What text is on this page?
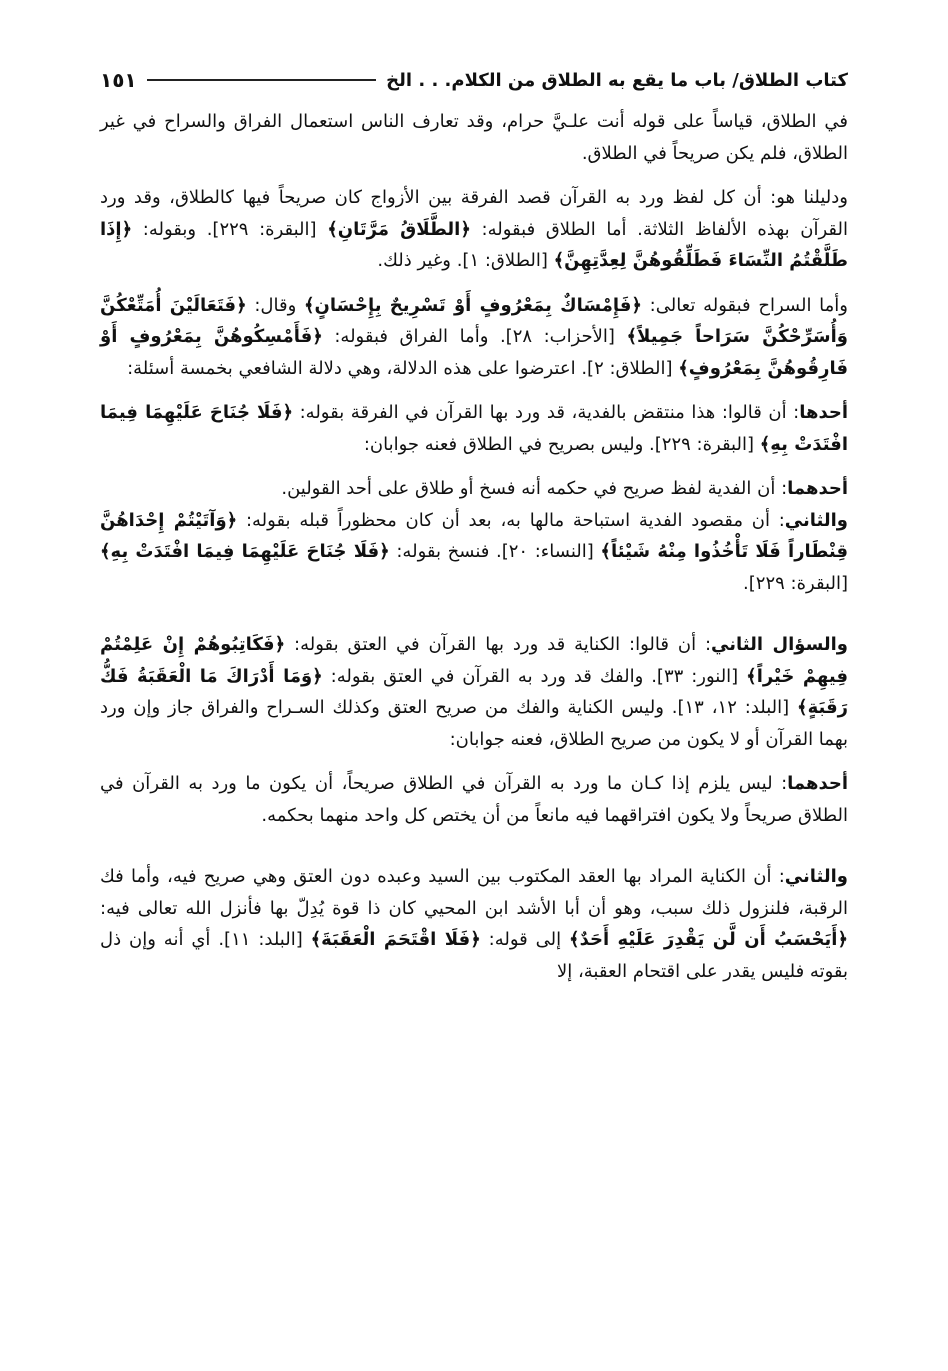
كتاب الطلاق/ باب ما يقع به الطلاق من الكلام. . . الخ
١٥١

في الطلاق، قياساً على قوله أنت علـيَّ حرام، وقد تعارف الناس استعمال الفراق والسراح في غير الطلاق، فلم يكن صريحاً في الطلاق.

ودليلنا هو: أن كل لفظ ورد به القرآن قصد الفرقة بين الأزواج كان صريحاً فيها كالطلاق، وقد ورد القرآن بهذه الألفاظ الثلاثة. أما الطلاق فبقوله: ﴿الطَّلَاقُ مَرَّتَانِ﴾ [البقرة: ٢٢٩]. وبقوله: ﴿إِذَا طَلَّقْتُمُ النِّسَاءَ فَطَلِّقُوهُنَّ لِعِدَّتِهِنَّ﴾ [الطلاق: ١]. وغير ذلك.

وأما السراح فبقوله تعالى: ﴿فَإِمْسَاكٌ بِمَعْرُوفٍ أَوْ تَسْرِيحٌ بِإِحْسَانٍ﴾ وقال: ﴿فَتَعَالَيْنَ أُمَتِّعْكُنَّ وَأُسَرِّحْكُنَّ سَرَاحاً جَمِيلاً﴾ [الأحزاب: ٢٨]. وأما الفراق فبقوله: ﴿فَأَمْسِكُوهُنَّ بِمَعْرُوفٍ أَوْ فَارِقُوهُنَّ بِمَعْرُوفٍ﴾ [الطلاق: ٢]. اعترضوا على هذه الدلالة، وهي دلالة الشافعي بخمسة أسئلة:

أحدها: أن قالوا: هذا منتقض بالفدية، قد ورد بها القرآن في الفرقة بقوله: ﴿فَلَا جُنَاحَ عَلَيْهِمَا فِيمَا افْتَدَتْ بِهِ﴾ [البقرة: ٢٢٩]. وليس بصريح في الطلاق فعنه جوابان:

أحدهما: أن الفدية لفظ صريح في حكمه أنه فسخ أو طلاق على أحد القولين.

والثاني: أن مقصود الفدية استباحة مالها به، بعد أن كان محظوراً قبله بقوله: ﴿وَآتَيْتُمْ إِحْدَاهُنَّ قِنْطَاراً فَلَا تَأْخُذُوا مِنْهُ شَيْئاً﴾ [النساء: ٢٠]. فنسخ بقوله: ﴿فَلَا جُنَاحَ عَلَيْهِمَا فِيمَا افْتَدَتْ بِهِ﴾ [البقرة: ٢٢٩].

والسؤال الثاني: أن قالوا: الكناية قد ورد بها القرآن في العتق بقوله: ﴿فَكَاتِبُوهُمْ إِنْ عَلِمْتُمْ فِيهِمْ خَيْراً﴾ [النور: ٣٣]. والفك قد ورد به القرآن في العتق بقوله: ﴿وَمَا أَدْرَاكَ مَا الْعَقَبَةُ فَكُّ رَقَبَةٍ﴾ [البلد: ١٢، ١٣]. وليس الكناية والفك من صريح العتق وكذلك السـراح والفراق جاز وإن ورد بهما القرآن أو لا يكون من صريح الطلاق، فعنه جوابان:

أحدهما: ليس يلزم إذا كـان ما ورد به القرآن في الطلاق صريحاً، أن يكون ما ورد به القرآن في الطلاق صريحاً ولا يكون افتراقهما فيه مانعاً من أن يختص كل واحد منهما بحكمه.

والثاني: أن الكناية المراد بها العقد المكتوب بين السيد وعبده دون العتق وهي صريح فيه، وأما فك الرقبة، فلنزول ذلك سبب، وهو أن أبا الأشد ابن المحيي كان ذا قوة يُدِلّ بها فأنزل الله تعالى فيه: ﴿أَيَحْسَبُ أَن لَّن يَقْدِرَ عَلَيْهِ أَحَدٌ﴾ إلى قوله: ﴿فَلَا اقْتَحَمَ الْعَقَبَةَ﴾ [البلد: ١١]. أي أنه وإن ذل بقوته فليس يقدر على اقتحام العقبة، إلا
